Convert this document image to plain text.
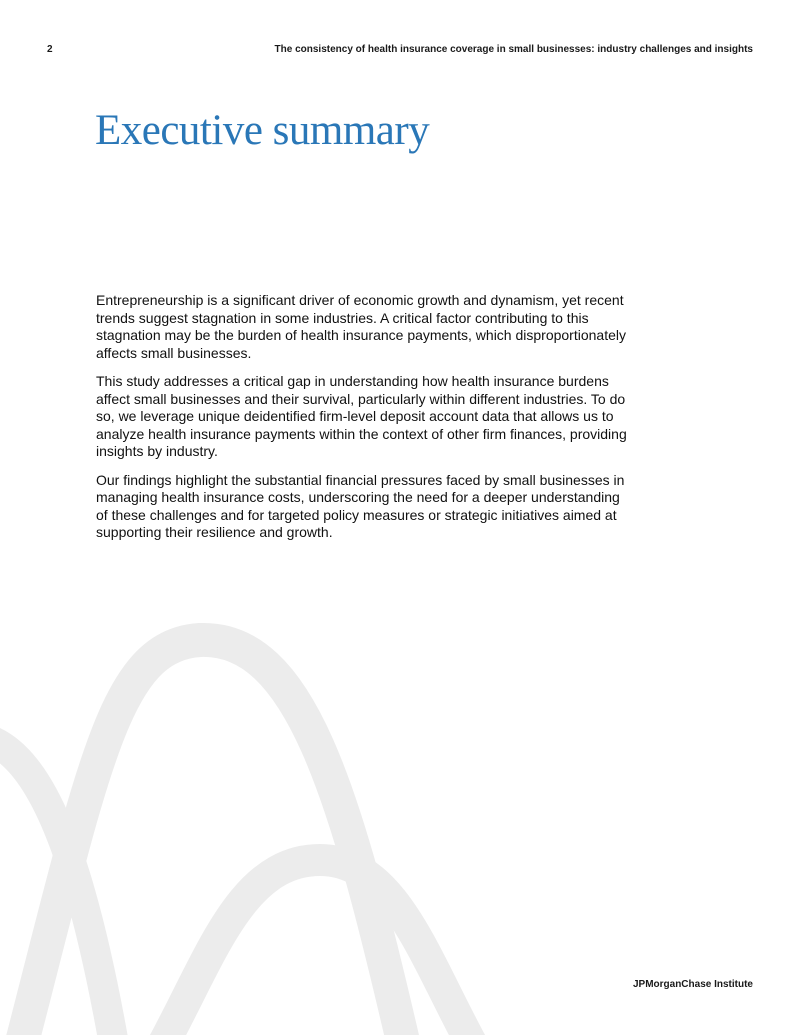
2	The consistency of health insurance coverage in small businesses: industry challenges and insights
Executive summary

Entrepreneurship is a significant driver of economic growth and dynamism, yet recent trends suggest stagnation in some industries. A critical factor contributing to this stagnation may be the burden of health insurance payments, which disproportionately affects small businesses.

This study addresses a critical gap in understanding how health insurance burdens affect small businesses and their survival, particularly within different industries. To do so, we leverage unique deidentified firm-level deposit account data that allows us to analyze health insurance payments within the context of other firm finances, providing insights by industry.

Our findings highlight the substantial financial pressures faced by small businesses in managing health insurance costs, underscoring the need for a deeper understanding of these challenges and for targeted policy measures or strategic initiatives aimed at supporting their resilience and growth.

JPMorganChase Institute
